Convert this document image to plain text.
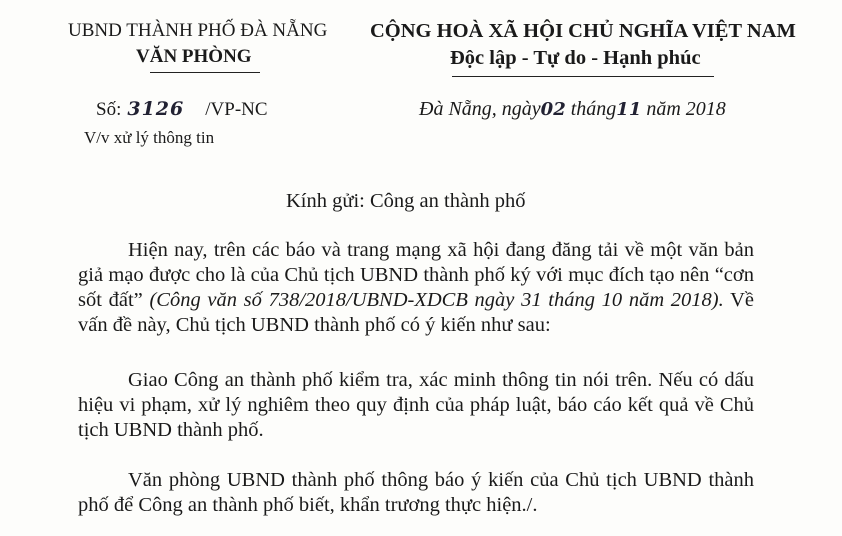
UBND THÀNH PHỐ ĐÀ NẴNG
VĂN PHÒNG
CỘNG HOÀ XÃ HỘI CHỦ NGHĨA VIỆT NAM
Độc lập - Tự do - Hạnh phúc
Số: 3126 /VP-NC
V/v xử lý thông tin
Đà Nẵng, ngày02 tháng11 năm 2018
Kính gửi: Công an thành phố

Hiện nay, trên các báo và trang mạng xã hội đang đăng tải về một văn bản giả mạo được cho là của Chủ tịch UBND thành phố ký với mục đích tạo nên “cơn sốt đất” (Công văn số 738/2018/UBND-XDCB ngày 31 tháng 10 năm 2018). Về vấn đề này, Chủ tịch UBND thành phố có ý kiến như sau:

Giao Công an thành phố kiểm tra, xác minh thông tin nói trên. Nếu có dấu hiệu vi phạm, xử lý nghiêm theo quy định của pháp luật, báo cáo kết quả về Chủ tịch UBND thành phố.

Văn phòng UBND thành phố thông báo ý kiến của Chủ tịch UBND thành phố để Công an thành phố biết, khẩn trương thực hiện./.
